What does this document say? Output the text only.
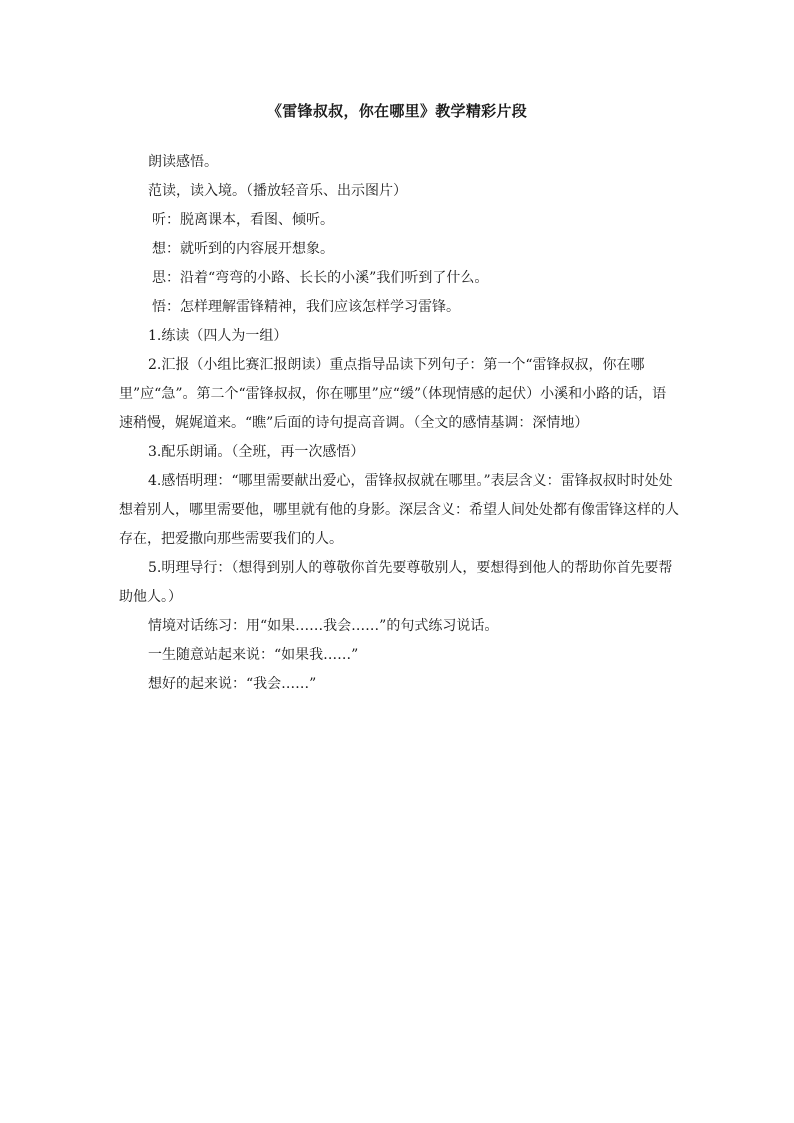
《雷锋叔叔，你在哪里》教学精彩片段

朗读感悟。

范读，读入境。（播放轻音乐、出示图片）

听：脱离课本，看图、倾听。

想：就听到的内容展开想象。

思：沿着“弯弯的小路、长长的小溪”我们听到了什么。

悟：怎样理解雷锋精神，我们应该怎样学习雷锋。

1.练读（四人为一组）

2.汇报（小组比赛汇报朗读）重点指导品读下列句子：第一个“雷锋叔叔，你在哪里”应“急”。第二个“雷锋叔叔，你在哪里”应“缓”（体现情感的起伏）小溪和小路的话，语速稍慢，娓娓道来。“瞧”后面的诗句提高音调。（全文的感情基调：深情地）

3.配乐朗诵。（全班，再一次感悟）

4.感悟明理：“哪里需要献出爱心，雷锋叔叔就在哪里。”表层含义：雷锋叔叔时时处处想着别人，哪里需要他，哪里就有他的身影。深层含义：希望人间处处都有像雷锋这样的人存在，把爱撒向那些需要我们的人。

5.明理导行：（想得到别人的尊敬你首先要尊敬别人，要想得到他人的帮助你首先要帮助他人。）

情境对话练习：用“如果……我会……”的句式练习说话。

一生随意站起来说：“如果我……”

想好的起来说：“我会……”
